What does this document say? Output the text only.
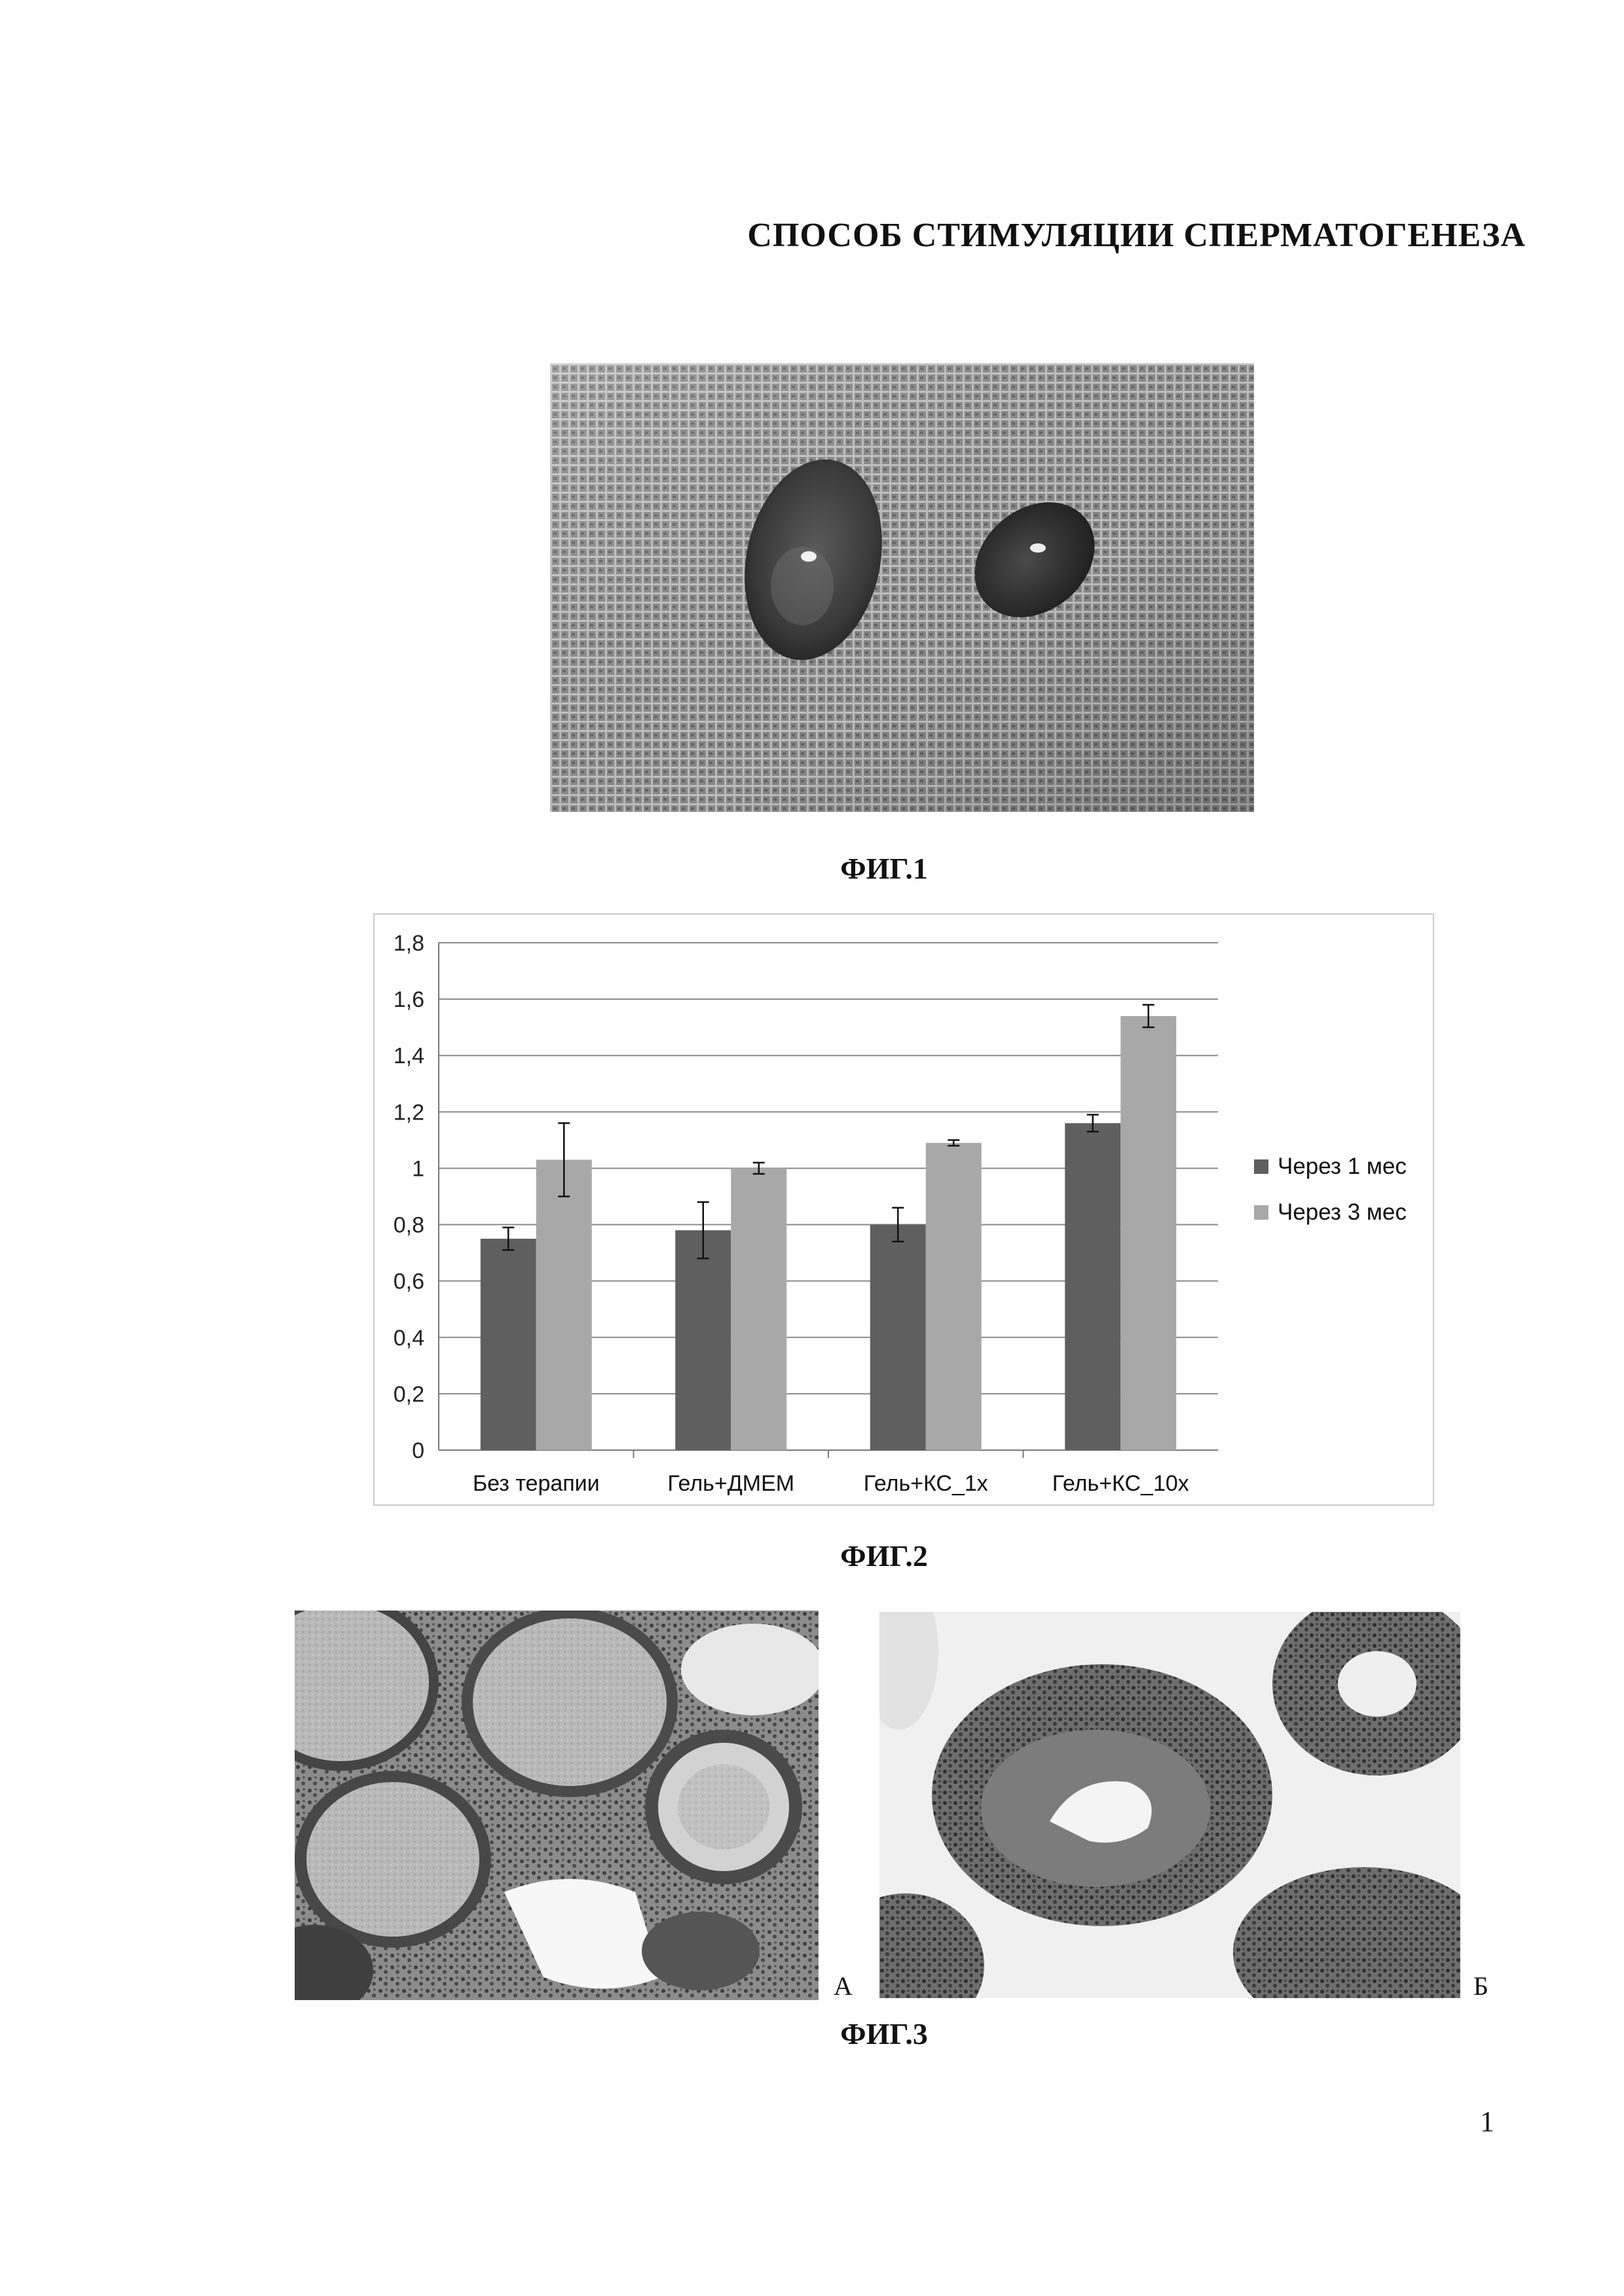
СПОСОБ СТИМУЛЯЦИИ СПЕРМАТОГЕНЕЗА
ФИГ.1
0
0,2
0,4
0,6
0,8
1
1,2
1,4
1,6
1,8
Без терапии	Гель+ДМЕМ	Гель+КС_1х	Гель+КС_10х
Через 1 мес
Через 3 мес
ФИГ.2
А	Б
ФИГ.3
1
